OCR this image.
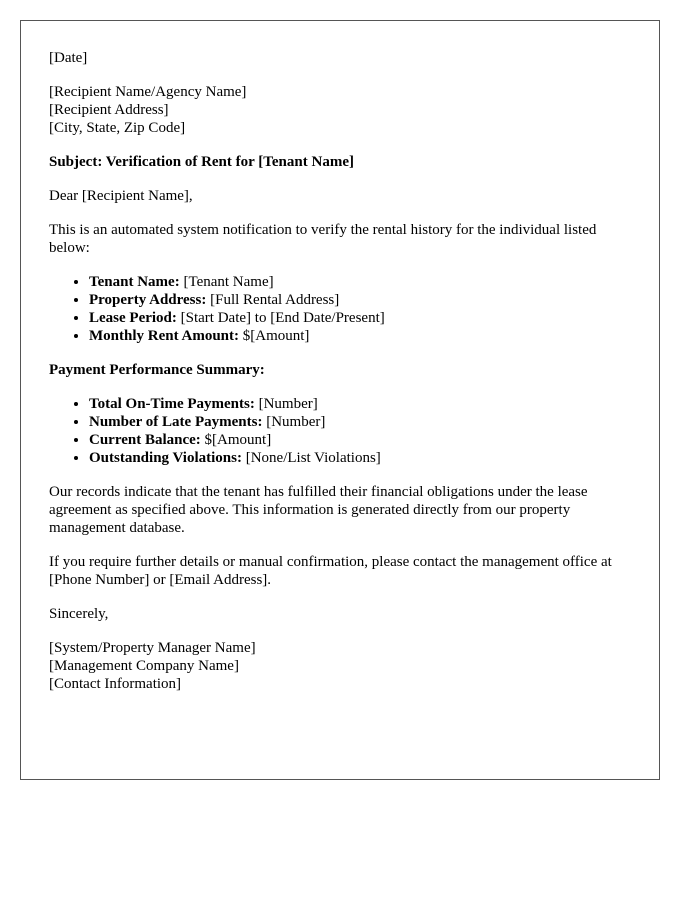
[Date]

[Recipient Name/Agency Name]
[Recipient Address]
[City, State, Zip Code]

Subject: Verification of Rent for [Tenant Name]

Dear [Recipient Name],

This is an automated system notification to verify the rental history for the individual listed below:

• Tenant Name: [Tenant Name]
• Property Address: [Full Rental Address]
• Lease Period: [Start Date] to [End Date/Present]
• Monthly Rent Amount: $[Amount]

Payment Performance Summary:

• Total On-Time Payments: [Number]
• Number of Late Payments: [Number]
• Current Balance: $[Amount]
• Outstanding Violations: [None/List Violations]

Our records indicate that the tenant has fulfilled their financial obligations under the lease agreement as specified above. This information is generated directly from our property management database.

If you require further details or manual confirmation, please contact the management office at [Phone Number] or [Email Address].

Sincerely,

[System/Property Manager Name]
[Management Company Name]
[Contact Information]
